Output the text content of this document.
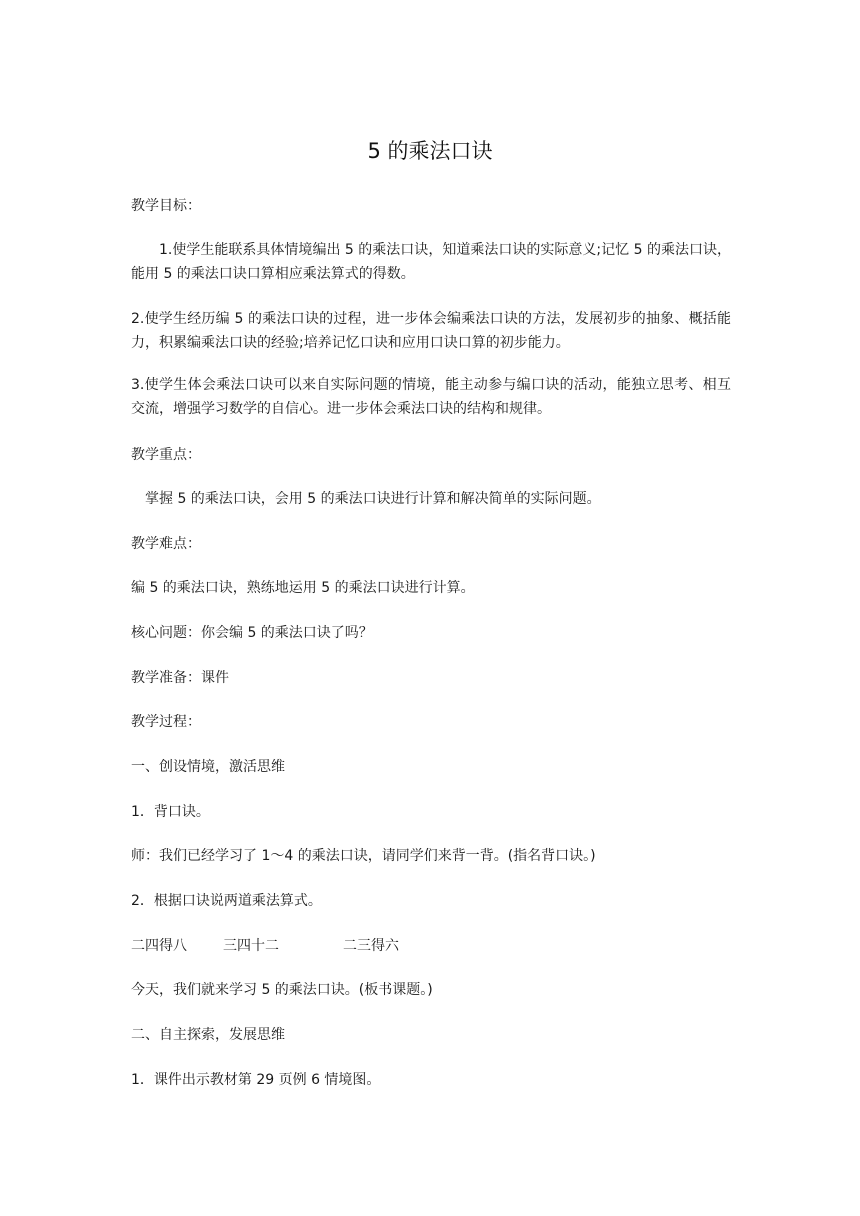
5 的乘法口诀
教学目标：
1.使学生能联系具体情境编出 5 的乘法口诀，知道乘法口诀的实际意义;记忆 5 的乘法口诀，能用 5 的乘法口诀口算相应乘法算式的得数。
2.使学生经历编 5 的乘法口诀的过程，进一步体会编乘法口诀的方法，发展初步的抽象、概括能力，积累编乘法口诀的经验;培养记忆口诀和应用口诀口算的初步能力。
3.使学生体会乘法口诀可以来自实际问题的情境，能主动参与编口诀的活动，能独立思考、相互交流，增强学习数学的自信心。进一步体会乘法口诀的结构和规律。
教学重点：
掌握 5 的乘法口诀，会用 5 的乘法口诀进行计算和解决简单的实际问题。
教学难点：
编 5 的乘法口诀，熟练地运用 5 的乘法口诀进行计算。
核心问题：你会编 5 的乘法口诀了吗？
教学准备：课件
教学过程：
一、创设情境，激活思维
1．背口诀。
师：我们已经学习了 1～4 的乘法口诀，请同学们来背一背。(指名背口诀。)
2．根据口诀说两道乘法算式。
二四得八	三四十二	二三得六
今天，我们就来学习 5 的乘法口诀。(板书课题。)
二、自主探索，发展思维
1．课件出示教材第 29 页例 6 情境图。
